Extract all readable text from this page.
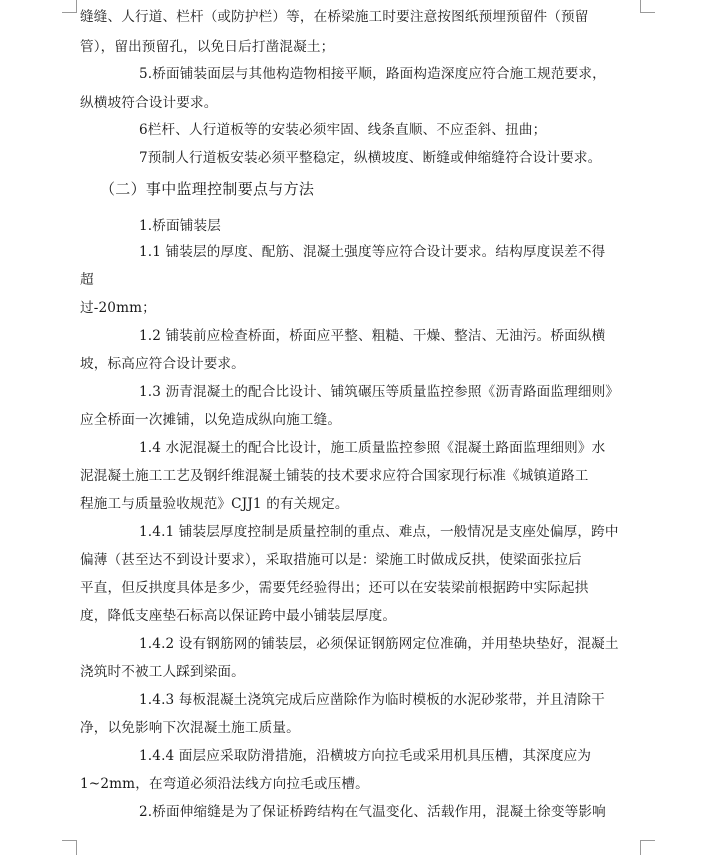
缝缝、人行道、栏杆（或防护栏）等，在桥梁施工时要注意按图纸预埋预留件（预留

管），留出预留孔，以免日后打凿混凝土；

5.桥面铺装面层与其他构造物相接平顺，路面构造深度应符合施工规范要求，

纵横坡符合设计要求。

6栏杆、人行道板等的安装必须牢固、线条直顺、不应歪斜、扭曲；

7预制人行道板安装必须平整稳定，纵横坡度、断缝或伸缩缝符合设计要求。

（二）事中监理控制要点与方法

1.桥面铺装层

1.1 铺装层的厚度、配筋、混凝土强度等应符合设计要求。结构厚度误差不得

超

过-20mm；

1.2 铺装前应检查桥面，桥面应平整、粗糙、干燥、整洁、无油污。桥面纵横

坡，标高应符合设计要求。

1.3 沥青混凝土的配合比设计、铺筑碾压等质量监控参照《沥青路面监理细则》

应全桥面一次摊铺，以免造成纵向施工缝。

1.4 水泥混凝土的配合比设计，施工质量监控参照《混凝土路面监理细则》水

泥混凝土施工工艺及钢纤维混凝土铺装的技术要求应符合国家现行标准《城镇道路工

程施工与质量验收规范》CJJ1 的有关规定。

1.4.1 铺装层厚度控制是质量控制的重点、难点，一般情况是支座处偏厚，跨中

偏薄（甚至达不到设计要求），采取措施可以是：梁施工时做成反拱，使梁面张拉后

平直，但反拱度具体是多少，需要凭经验得出；还可以在安装梁前根据跨中实际起拱

度，降低支座垫石标高以保证跨中最小铺装层厚度。

1.4.2 设有钢筋网的铺装层，必须保证钢筋网定位准确，并用垫块垫好，混凝土

浇筑时不被工人踩到梁面。

1.4.3 每板混凝土浇筑完成后应凿除作为临时模板的水泥砂浆带，并且清除干

净，以免影响下次混凝土施工质量。

1.4.4 面层应采取防滑措施，沿横坡方向拉毛或采用机具压槽，其深度应为

1~2mm，在弯道必须沿法线方向拉毛或压槽。

2.桥面伸缩缝是为了保证桥跨结构在气温变化、活载作用，混凝土徐变等影响
